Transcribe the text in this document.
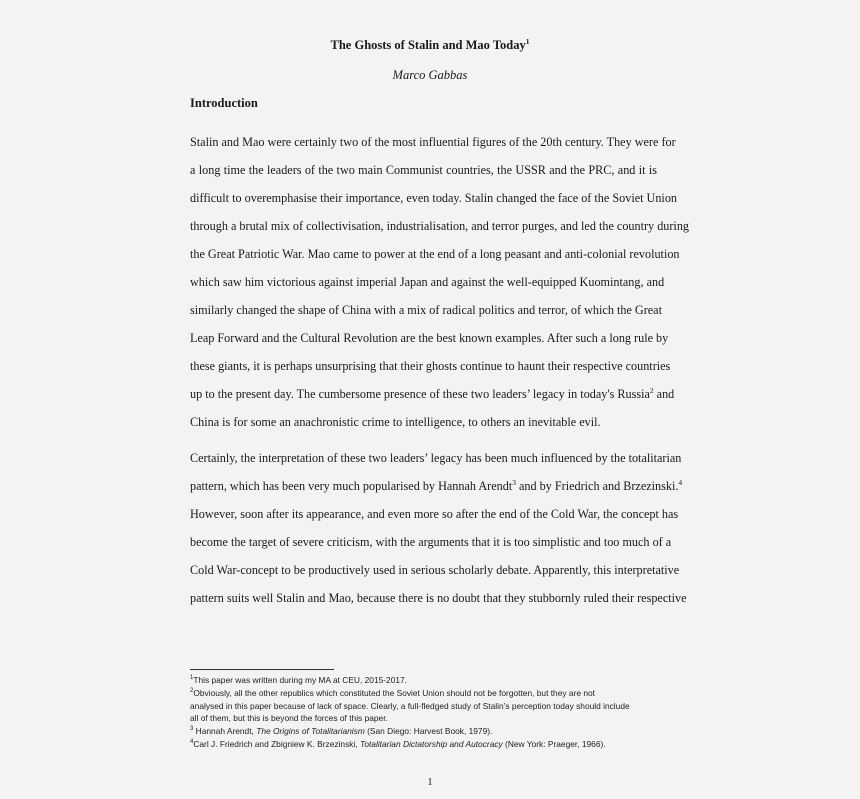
The Ghosts of Stalin and Mao Today$^1$
Marco Gabbas
Introduction
Stalin and Mao were certainly two of the most influential figures of the 20th century. They were for
a long time the leaders of the two main Communist countries, the USSR and the PRC, and it is
difficult to overemphasise their importance, even today. Stalin changed the face of the Soviet Union
through a brutal mix of collectivisation, industrialisation, and terror purges, and led the country during
the Great Patriotic War. Mao came to power at the end of a long peasant and anti-colonial revolution
which saw him victorious against imperial Japan and against the well-equipped Kuomintang, and
similarly changed the shape of China with a mix of radical politics and terror, of which the Great
Leap Forward and the Cultural Revolution are the best known examples. After such a long rule by
these giants, it is perhaps unsurprising that their ghosts continue to haunt their respective countries
up to the present day. The cumbersome presence of these two leaders’ legacy in today's Russia$^2$ and
China is for some an anachronistic crime to intelligence, to others an inevitable evil.
Certainly, the interpretation of these two leaders’ legacy has been much influenced by the totalitarian
pattern, which has been very much popularised by Hannah Arendt$^3$ and by Friedrich and Brzezinski.$^4$
However, soon after its appearance, and even more so after the end of the Cold War, the concept has
become the target of severe criticism, with the arguments that it is too simplistic and too much of a
Cold War-concept to be productively used in serious scholarly debate. Apparently, this interpretative
pattern suits well Stalin and Mao, because there is no doubt that they stubbornly ruled their respective
$^1$This paper was written during my MA at CEU, 2015-2017.
$^2$Obviously, all the other republics which constituted the Soviet Union should not be forgotten, but they are not
analysed in this paper because of lack of space. Clearly, a full-fledged study of Stalin’s perception today should include
all of them, but this is beyond the forces of this paper.
$^3$ Hannah Arendt, The Origins of Totalitarianism (San Diego: Harvest Book, 1979).
$^4$Carl J. Friedrich and Zbigniew K. Brzezinski, Totalitarian Dictatorship and Autocracy (New York: Praeger, 1966).
1
